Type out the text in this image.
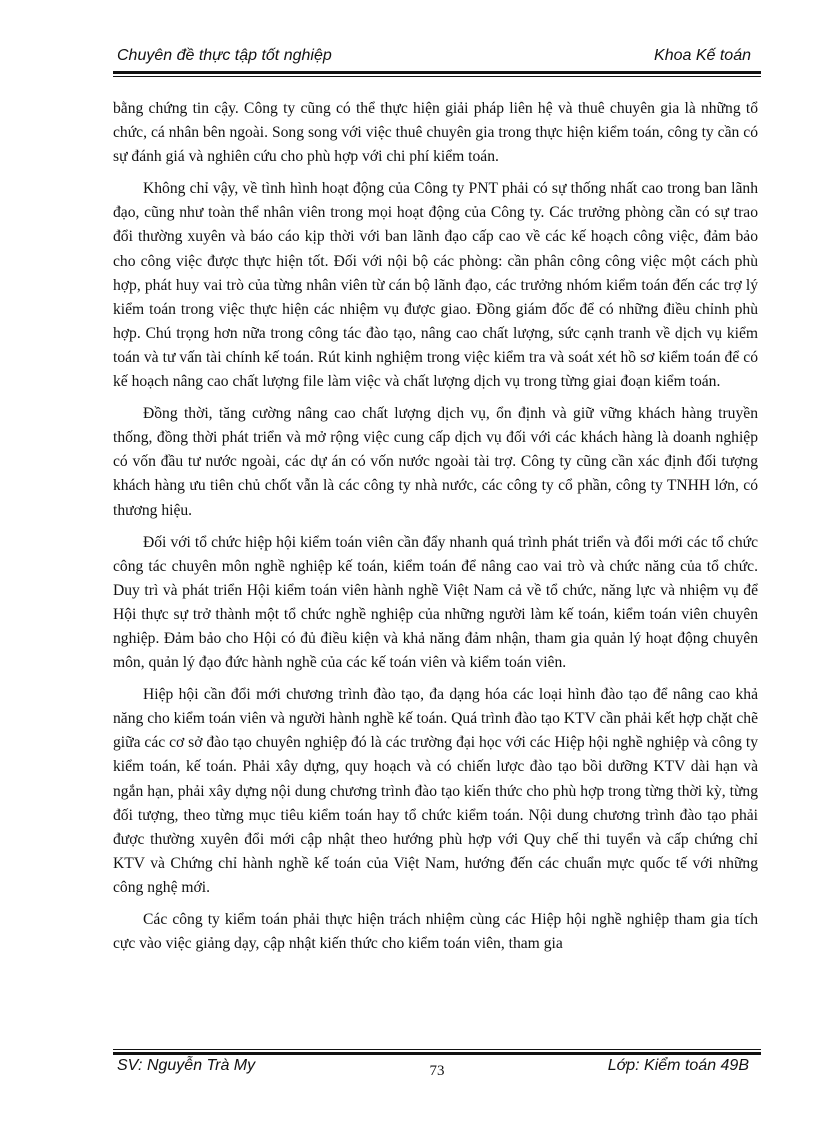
Chuyên đề thực tập tốt nghiệp	Khoa Kế toán

bằng chứng tin cậy. Công ty cũng có thể thực hiện giải pháp liên hệ và thuê chuyên gia là những tổ chức, cá nhân bên ngoài. Song song với việc thuê chuyên gia trong thực hiện kiểm toán, công ty cần có sự đánh giá và nghiên cứu cho phù hợp với chi phí kiểm toán.

Không chỉ vậy, về tình hình hoạt động của Công ty PNT phải có sự thống nhất cao trong ban lãnh đạo, cũng như toàn thể nhân viên trong mọi hoạt động của Công ty. Các trưởng phòng cần có sự trao đổi thường xuyên và báo cáo kịp thời với ban lãnh đạo cấp cao về các kế hoạch công việc, đảm bảo cho công việc được thực hiện tốt. Đối với nội bộ các phòng: cần phân công công việc một cách phù hợp, phát huy vai trò của từng nhân viên từ cán bộ lãnh đạo, các trưởng nhóm kiểm toán đến các trợ lý kiểm toán trong việc thực hiện các nhiệm vụ được giao. Đồng giám đốc để có những điều chỉnh phù hợp. Chú trọng hơn nữa trong công tác đào tạo, nâng cao chất lượng, sức cạnh tranh về dịch vụ kiểm toán và tư vấn tài chính kế toán. Rút kinh nghiệm trong việc kiểm tra và soát xét hồ sơ kiểm toán để có kế hoạch nâng cao chất lượng file làm việc và chất lượng dịch vụ trong từng giai đoạn kiểm toán.

Đồng thời, tăng cường nâng cao chất lượng dịch vụ, ổn định và giữ vững khách hàng truyền thống, đồng thời phát triển và mở rộng việc cung cấp dịch vụ đối với các khách hàng là doanh nghiệp có vốn đầu tư nước ngoài, các dự án có vốn nước ngoài tài trợ. Công ty cũng cần xác định đối tượng khách hàng ưu tiên chủ chốt vẫn là các công ty nhà nước, các công ty cổ phần, công ty TNHH lớn, có thương hiệu.

Đối với tổ chức hiệp hội kiểm toán viên cần đẩy nhanh quá trình phát triển và đổi mới các tổ chức công tác chuyên môn nghề nghiệp kế toán, kiểm toán để nâng cao vai trò và chức năng của tổ chức. Duy trì và phát triển Hội kiểm toán viên hành nghề Việt Nam cả về tổ chức, năng lực và nhiệm vụ để Hội thực sự trở thành một tổ chức nghề nghiệp của những người làm kế toán, kiểm toán viên chuyên nghiệp. Đảm bảo cho Hội có đủ điều kiện và khả năng đảm nhận, tham gia quản lý hoạt động chuyên môn, quản lý đạo đức hành nghề của các kế toán viên và kiểm toán viên.

Hiệp hội cần đổi mới chương trình đào tạo, đa dạng hóa các loại hình đào tạo để nâng cao khả năng cho kiểm toán viên và người hành nghề kế toán. Quá trình đào tạo KTV cần phải kết hợp chặt chẽ giữa các cơ sở đào tạo chuyên nghiệp đó là các trường đại học với các Hiệp hội nghề nghiệp và công ty kiểm toán, kế toán. Phải xây dựng, quy hoạch và có chiến lược đào tạo bồi dưỡng KTV dài hạn và ngắn hạn, phải xây dựng nội dung chương trình đào tạo kiến thức cho phù hợp trong từng thời kỳ, từng đối tượng, theo từng mục tiêu kiểm toán hay tổ chức kiểm toán. Nội dung chương trình đào tạo phải được thường xuyên đổi mới cập nhật theo hướng phù hợp với Quy chế thi tuyển và cấp chứng chỉ KTV và Chứng chỉ hành nghề kế toán của Việt Nam, hướng đến các chuẩn mực quốc tế với những công nghệ mới.

Các công ty kiểm toán phải thực hiện trách nhiệm cùng các Hiệp hội nghề nghiệp tham gia tích cực vào việc giảng dạy, cập nhật kiến thức cho kiểm toán viên, tham gia

SV: Nguyễn Trà My	73	Lớp: Kiểm toán 49B
